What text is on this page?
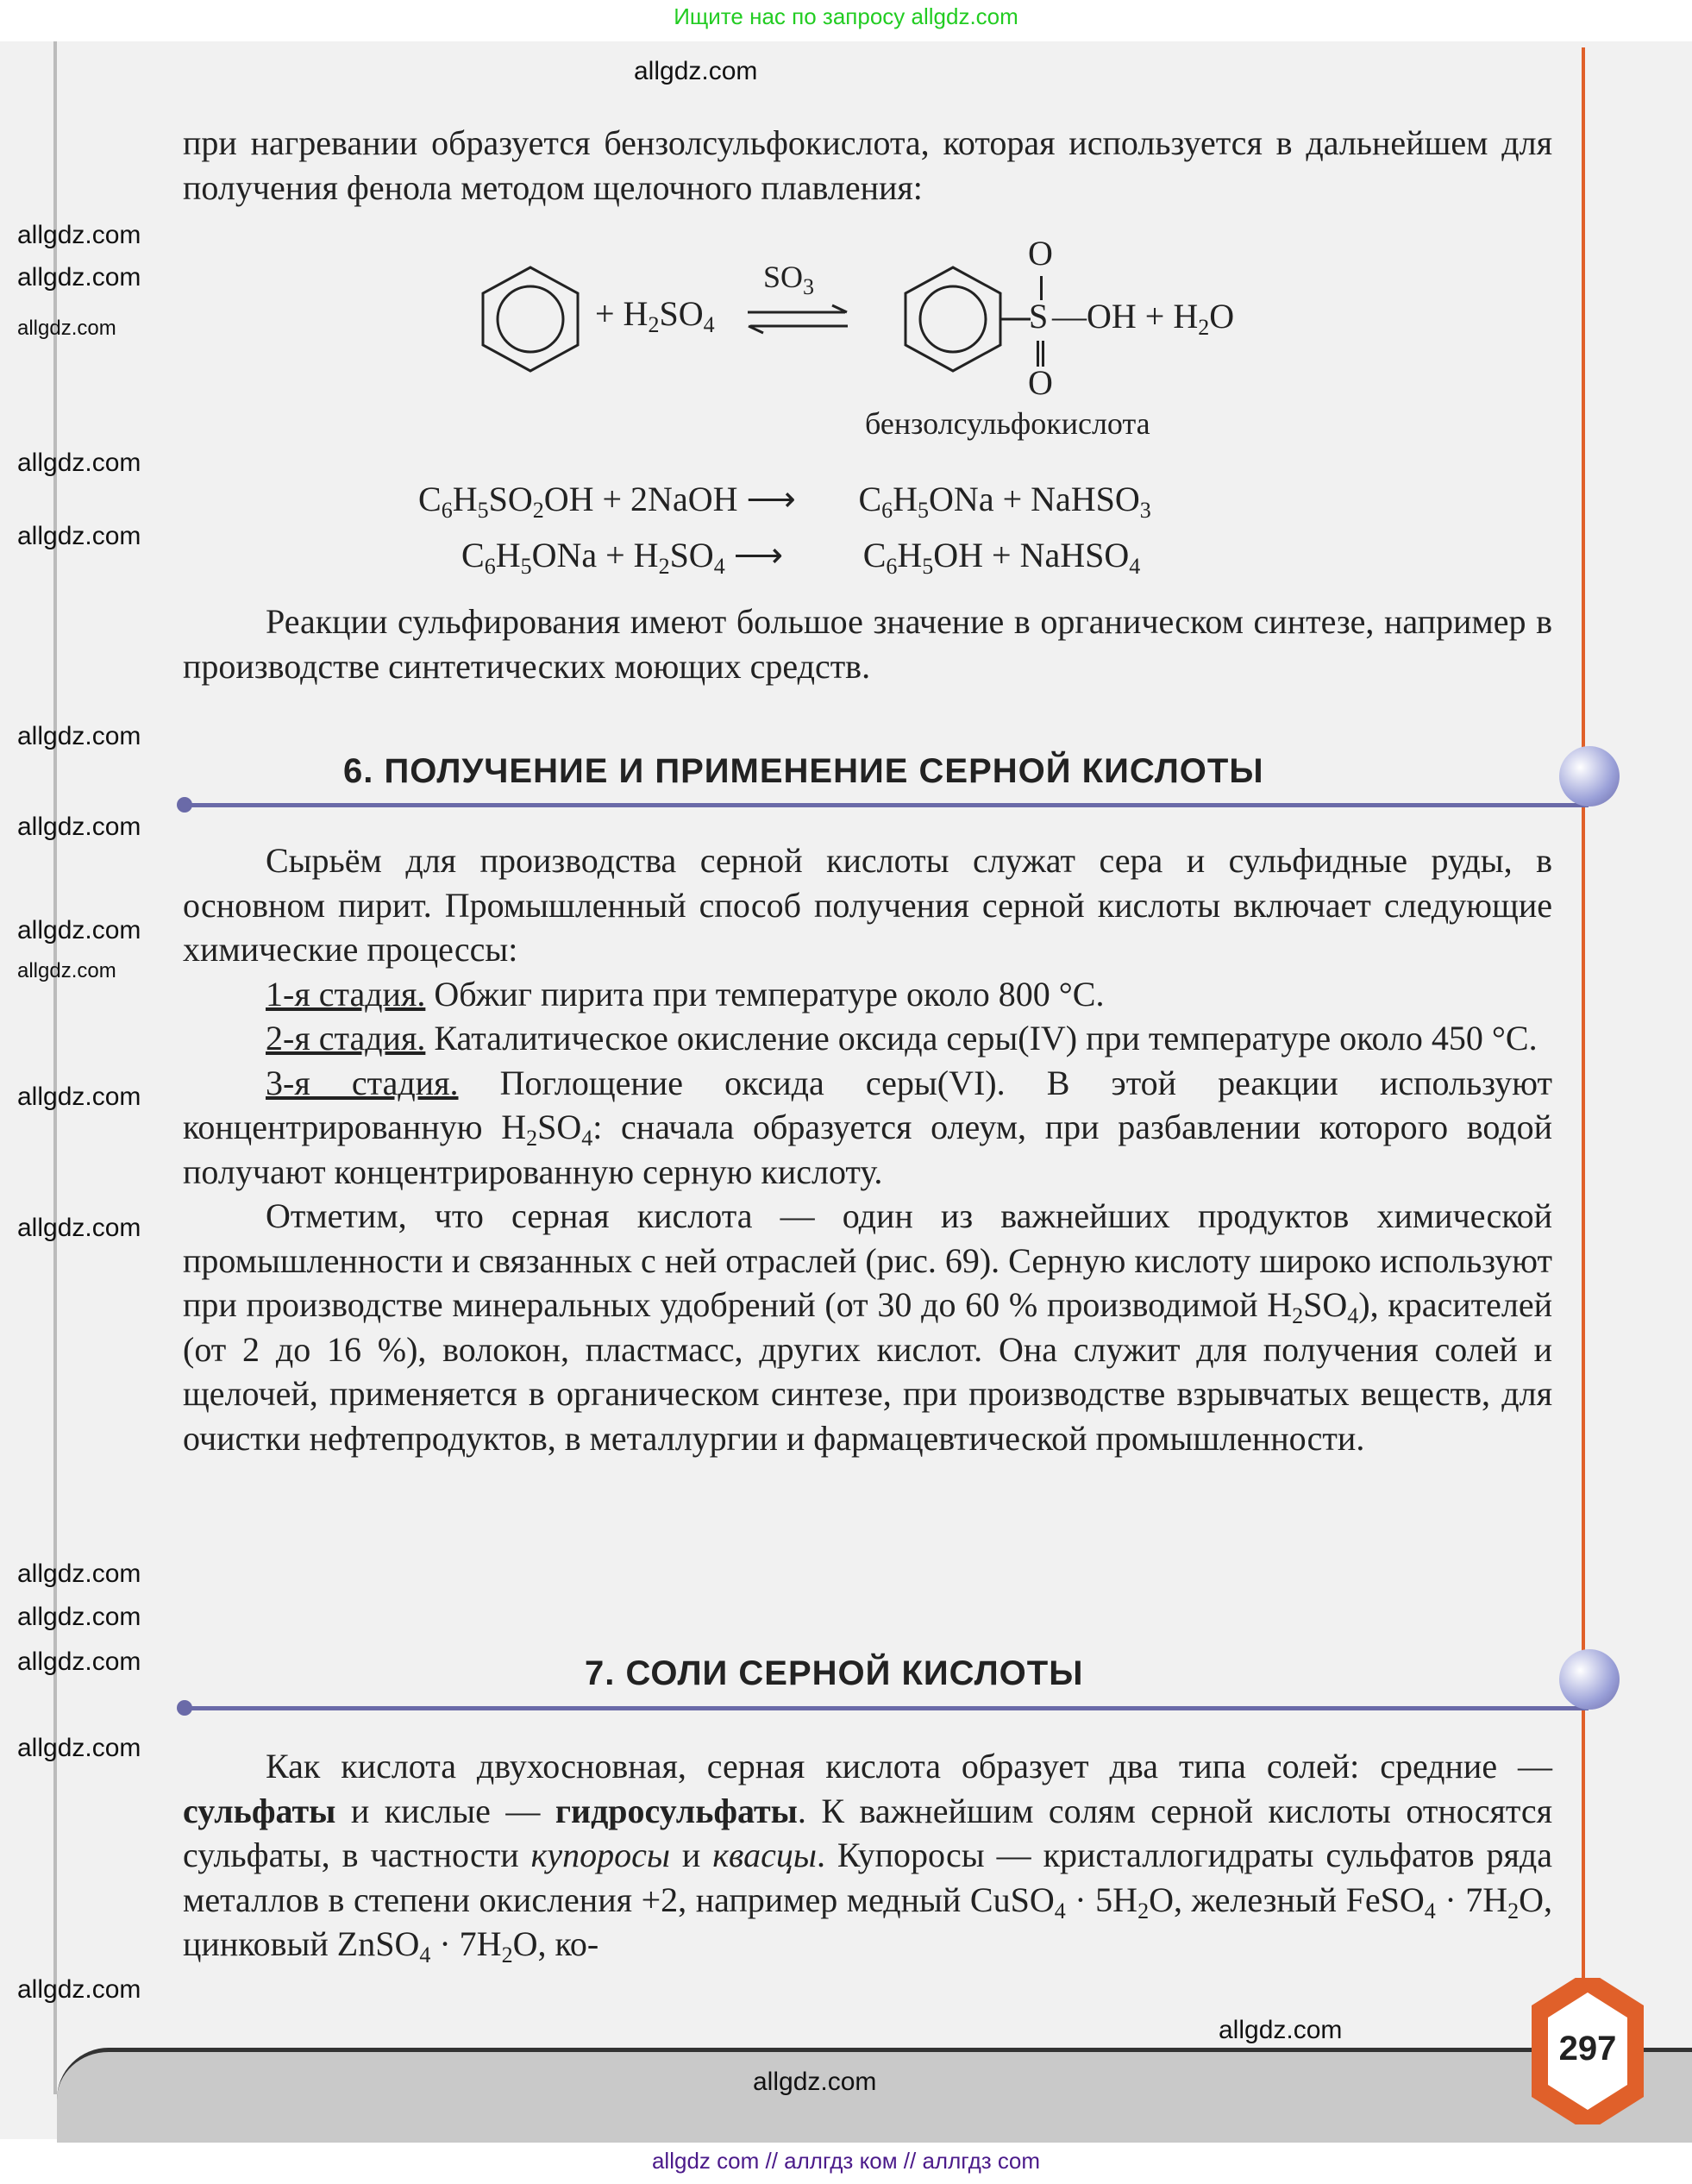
Ищите нас по запросу allgdz.com

при нагревании образуется бензолсульфокислота, которая используется в дальнейшем для получения фенола методом щелочного плавления:

+ $H_2SO_4$
$SO_3$
O
S —OH + $H_2O$
O
бензолсульфокислота
$C_6H_5SO_2OH$ + 2NaOH ⟶ $C_6H_5ONa$ + NaHSO$_3$
$C_6H_5ONa + H_2SO_4$ ⟶ $C_6H_5OH$ + NaHSO$_4$

Реакции сульфирования имеют большое значение в органическом синтезе, например в производстве синтетических моющих средств.

6. ПОЛУЧЕНИЕ И ПРИМЕНЕНИЕ СЕРНОЙ КИСЛОТЫ

Сырьём для производства серной кислоты служат сера и сульфидные руды, в основном пирит. Промышленный способ получения серной кислоты включает следующие химические процессы:

1-я стадия. Обжиг пирита при температуре около 800 °C.

2-я стадия. Каталитическое окисление оксида серы(IV) при температуре около 450 °C.

3-я стадия. Поглощение оксида серы(VI). В этой реакции используют концентрированную $H_2SO_4$: сначала образуется олеум, при разбавлении которого водой получают концентрированную серную кислоту.

Отметим, что серная кислота — один из важнейших продуктов химической промышленности и связанных с ней отраслей (рис. 69). Серную кислоту широко используют при производстве минеральных удобрений (от 30 до 60 % производимой $H_2SO_4$), красителей (от 2 до 16 %), волокон, пластмасс, других кислот. Она служит для получения солей и щелочей, применяется в органическом синтезе, при производстве взрывчатых веществ, для очистки нефтепродуктов, в металлургии и фармацевтической промышленности.

7. СОЛИ СЕРНОЙ КИСЛОТЫ

Как кислота двухосновная, серная кислота образует два типа солей: средние — сульфаты и кислые — гидросульфаты. К важнейшим солям серной кислоты относятся сульфаты, в частности купоросы и квасцы. Купоросы — кристаллогидраты сульфатов ряда металлов в степени окисления +2, например медный CuSO$_4$ · $5H_2O$, железный FeSO$_4$ · $7H_2O$, цинковый ZnSO$_4$ · $7H_2O$, ко-

297
allgdz.com
allgdz.com
allgdz.com
allgdz.com
allgdz.com
allgdz.com
allgdz.com
allgdz.com
allgdz.com
allgdz.com
allgdz.com
allgdz.com
allgdz.com
allgdz.com
allgdz.com
allgdz.com
allgdz.com
allgdz.com
allgdz.com
allgdz com // аллгдз ком // аллгдз com
